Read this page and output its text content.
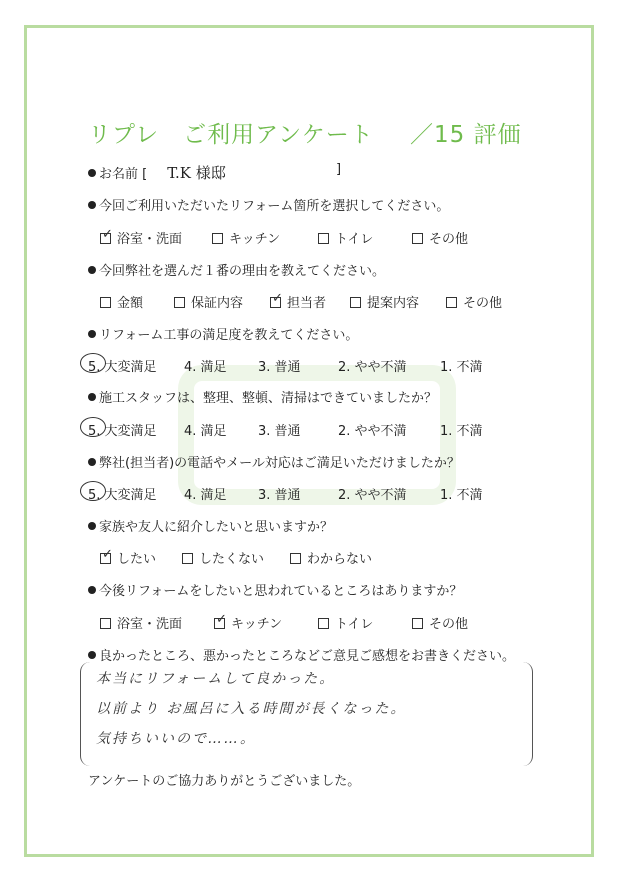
リプレ　ご利用アンケート ／15 評価
お名前 [ T.K 様邸	]
今回ご利用いただいたリフォーム箇所を選択してください。
✓ 浴室・洗面	キッチン	トイレ	その他
今回弊社を選んだ１番の理由を教えてください。
金額	保証内容 ✓ 担当者	提案内容	その他
リフォーム工事の満足度を教えてください。
5. 大変満足 4. 満足 3. 普通	2. やや不満	1. 不満
施工スタッフは、整理、整頓、清掃はできていましたか？
5. 大変満足 4. 満足 3. 普通	2. やや不満	1. 不満
弊社(担当者)の電話やメール対応はご満足いただけましたか？
5. 大変満足 4. 満足 3. 普通	2. やや不満	1. 不満
家族や友人に紹介したいと思いますか？
✓ したい	したくない	わからない
今後リフォームをしたいと思われているところはありますか？
浴室・洗面	✓ キッチン	トイレ	その他
良かったところ、悪かったところなどご意見ご感想をお書きください。
本当にリフォームして良かった。
以前より お風呂に入る時間が長くなった。
気持ちいいので……。
アンケートのご協力ありがとうございました。
